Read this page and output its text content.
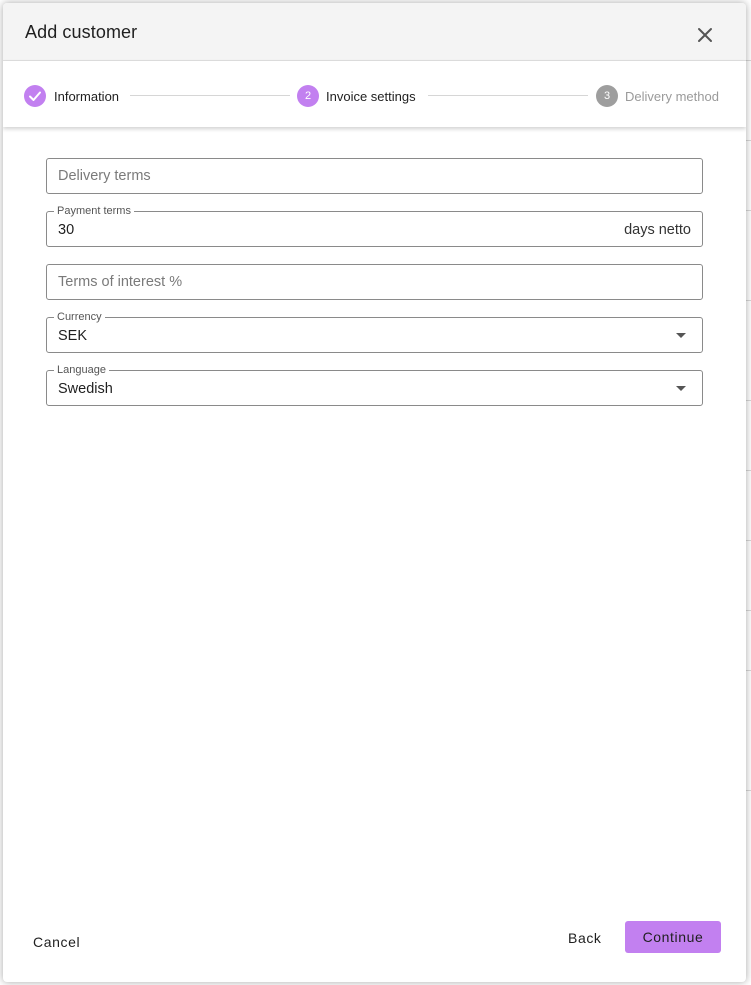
Add customer
Information	2	Invoice settings	3	Delivery method
Delivery terms
Payment terms
30	days netto
Terms of interest %
Currency
SEK
Language
Swedish
Cancel	Back	Continue
